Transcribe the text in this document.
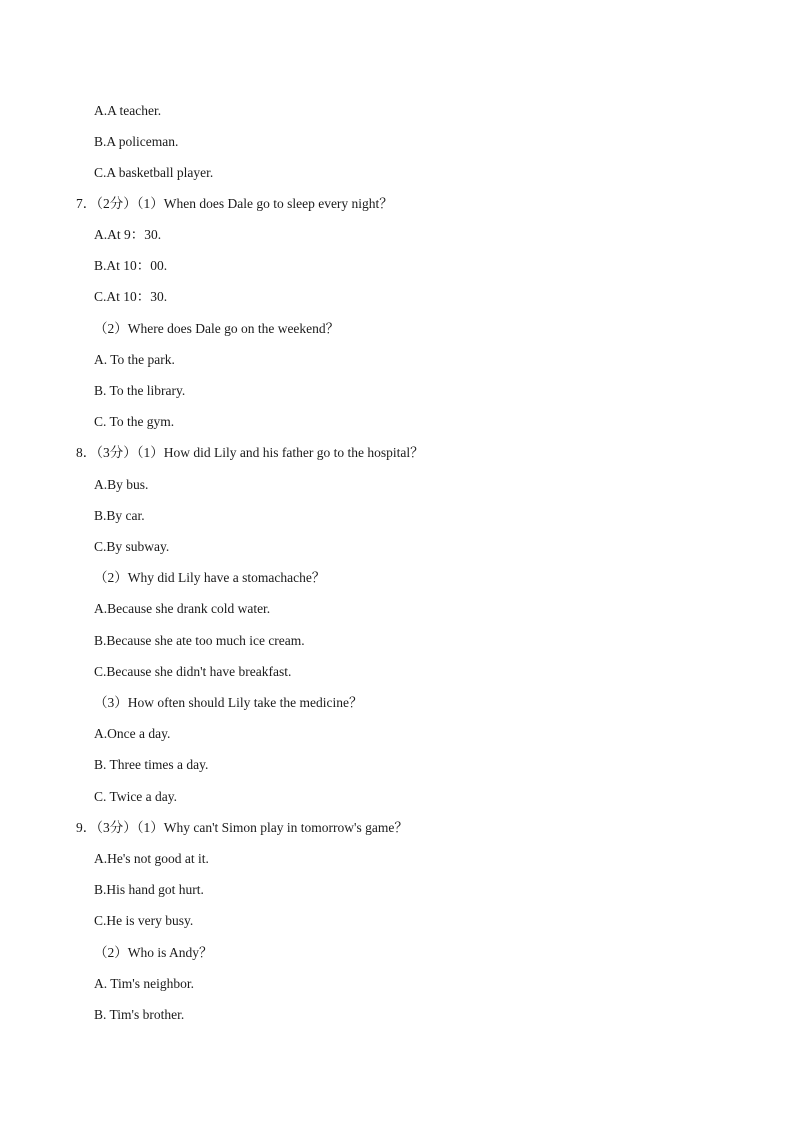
A.A teacher.
B.A policeman.
C.A basketball player.
7．（2分）（1）When does Dale go to sleep every night？
A.At 9：30.
B.At 10：00.
C.At 10：30.
（2）Where does Dale go on the weekend？
A. To the park.
B. To the library.
C. To the gym.
8．（3分）（1）How did Lily and his father go to the hospital？
A.By bus.
B.By car.
C.By subway.
（2）Why did Lily have a stomachache？
A.Because she drank cold water.
B.Because she ate too much ice cream.
C.Because she didn't have breakfast.
（3）How often should Lily take the medicine？
A.Once a day.
B. Three times a day.
C. Twice a day.
9．（3分）（1）Why can't Simon play in tomorrow's game？
A.He's not good at it.
B.His hand got hurt.
C.He is very busy.
（2）Who is Andy？
A. Tim's neighbor.
B. Tim's brother.
